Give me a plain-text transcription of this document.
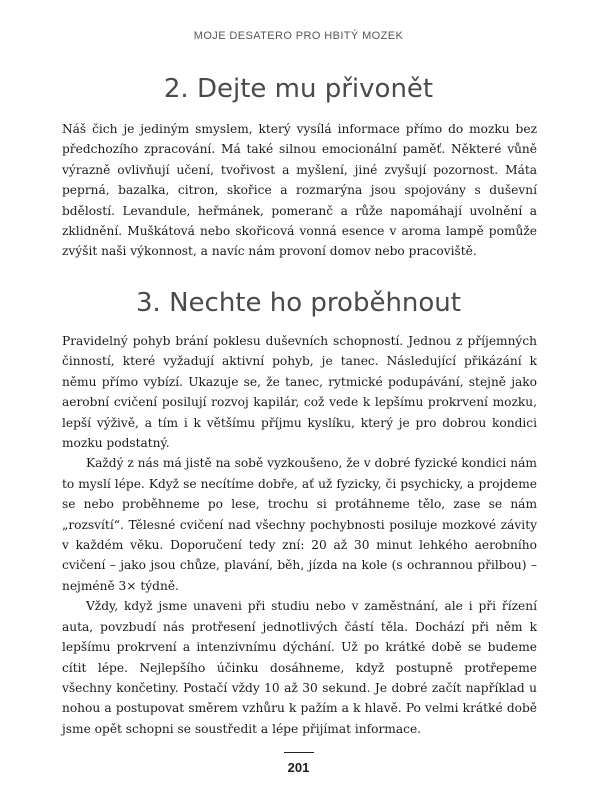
MOJE DESATERO PRO HBITÝ MOZEK
2. Dejte mu přivonět

Náš čich je jediným smyslem, který vysílá informace přímo do mozku bez předchozího zpracování. Má také silnou emocionální paměť. Některé vůně výrazně ovlivňují učení, tvořivost a myšlení, jiné zvyšují pozornost. Máta peprná, bazalka, citron, skořice a rozmarýna jsou spojovány s duševní bdělostí. Levandule, heřmánek, pomeranč a růže napomáhají uvolnění a zklidnění. Muškátová nebo skořicová vonná esence v aroma lampě pomůže zvýšit naši výkonnost, a navíc nám provoní domov nebo pracoviště.

3. Nechte ho proběhnout

Pravidelný pohyb brání poklesu duševních schopností. Jednou z příjemných činností, které vyžadují aktivní pohyb, je tanec. Následující přikázání k němu přímo vybízí. Ukazuje se, že tanec, rytmické podupávání, stejně jako aerobní cvičení posilují rozvoj kapilár, což vede k lepšímu prokrvení mozku, lepší výživě, a tím i k většímu příjmu kyslíku, který je pro dobrou kondici mozku podstatný.

Každý z nás má jistě na sobě vyzkoušeno, že v dobré fyzické kondici nám to myslí lépe. Když se necítíme dobře, ať už fyzicky, či psychicky, a projdeme se nebo proběhneme po lese, trochu si protáhneme tělo, zase se nám „rozsvítí“. Tělesné cvičení nad všechny pochybnosti posiluje mozkové závity v každém věku. Doporučení tedy zní: 20 až 30 minut lehkého aerobního cvičení – jako jsou chůze, plavání, běh, jízda na kole (s ochrannou přilbou) – nejméně 3× týdně.

Vždy, když jsme unaveni při studiu nebo v zaměstnání, ale i při řízení auta, povzbudí nás protřesení jednotlivých částí těla. Dochází při něm k lepšímu prokrvení a intenzivnímu dýchání. Už po krátké době se budeme cítit lépe. Nejlepšího účinku dosáhneme, když postupně protřepeme všechny končetiny. Postačí vždy 10 až 30 sekund. Je dobré začít například u nohou a postupovat směrem vzhůru k pažím a k hlavě. Po velmi krátké době jsme opět schopni se soustředit a lépe přijímat informace.

201
